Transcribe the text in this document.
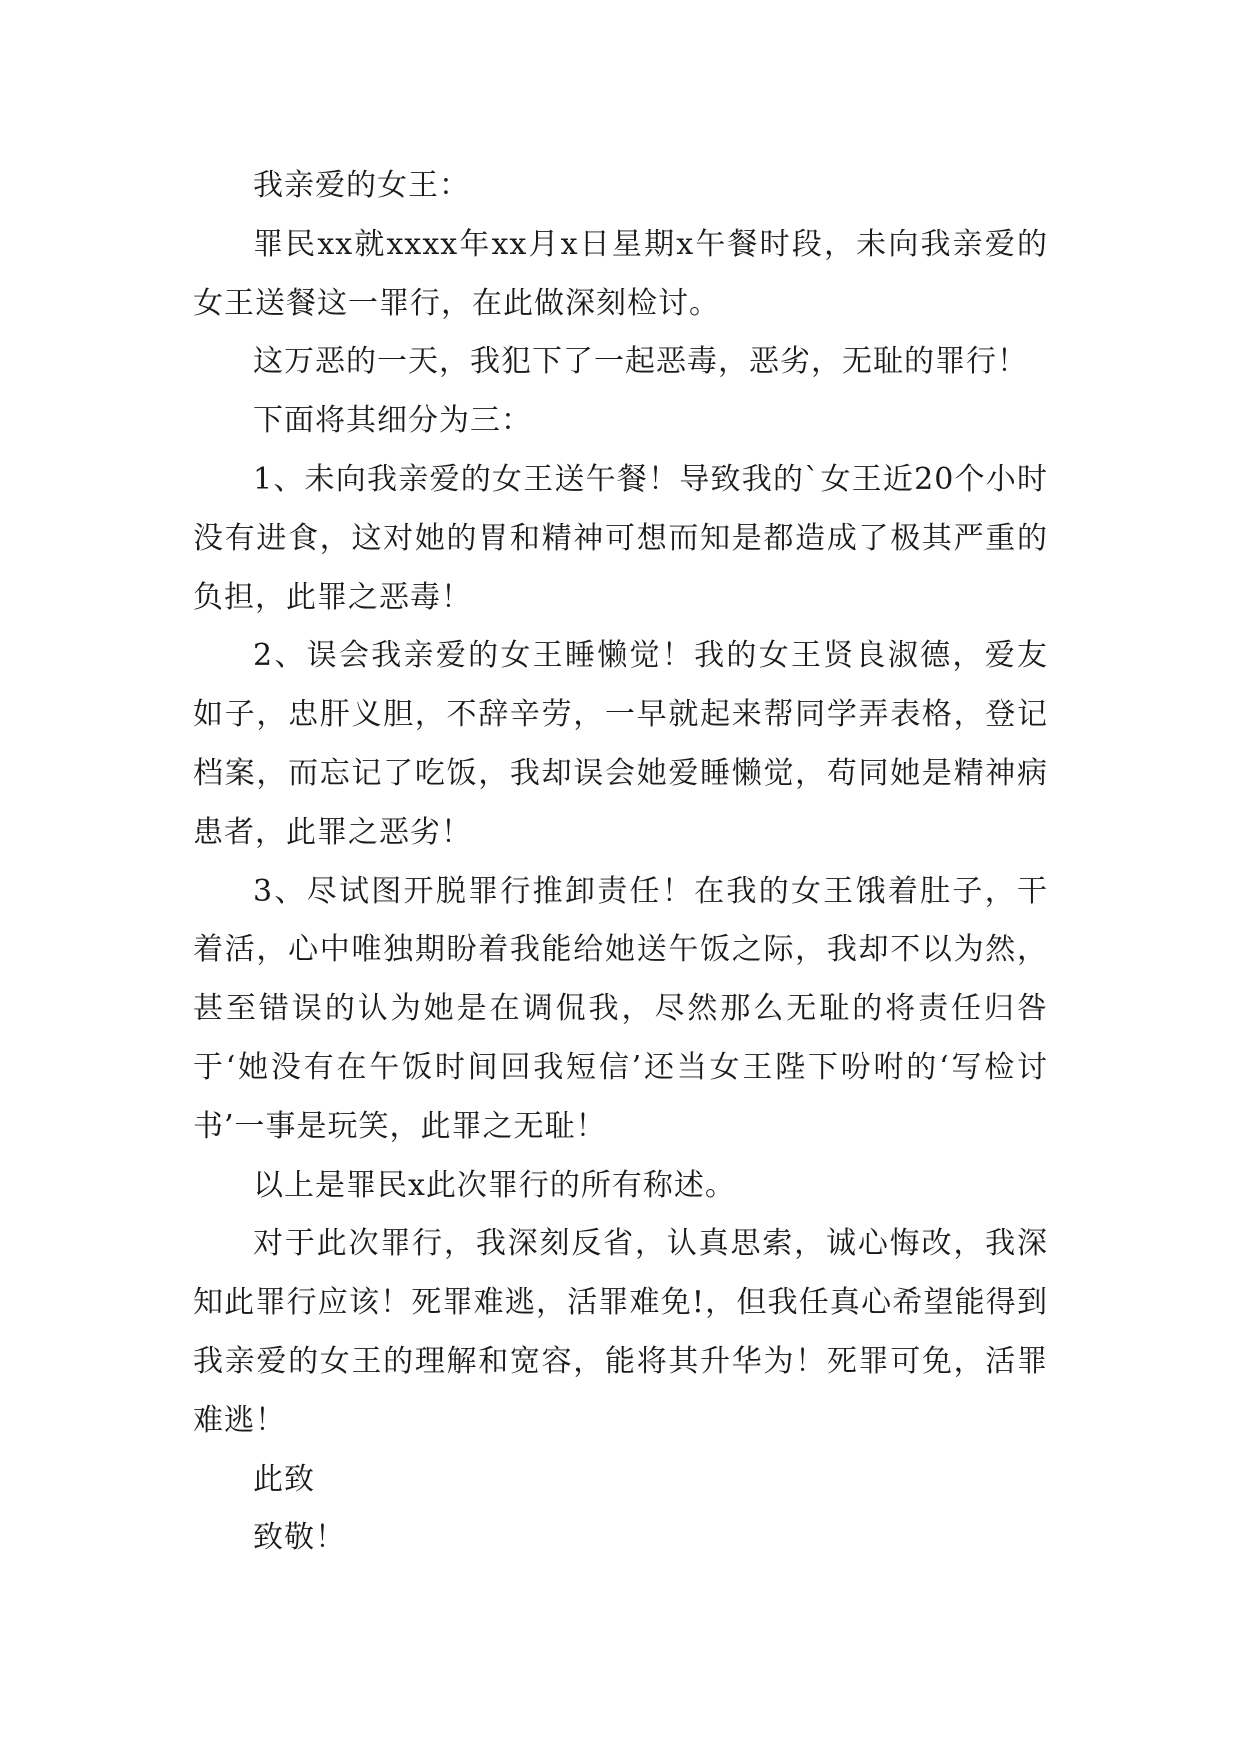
我亲爱的女王：

罪民xx就xxxx年xx月x日星期x午餐时段，未向我亲爱的女王送餐这一罪行，在此做深刻检讨。

这万恶的一天，我犯下了一起恶毒，恶劣，无耻的罪行！

下面将其细分为三：

1、未向我亲爱的女王送午餐！导致我的`女王近20个小时没有进食，这对她的胃和精神可想而知是都造成了极其严重的负担，此罪之恶毒！

2、误会我亲爱的女王睡懒觉！我的女王贤良淑德，爱友如子，忠肝义胆，不辞辛劳，一早就起来帮同学弄表格，登记档案，而忘记了吃饭，我却误会她爱睡懒觉，苟同她是精神病患者，此罪之恶劣！

3、尽试图开脱罪行推卸责任！在我的女王饿着肚子，干着活，心中唯独期盼着我能给她送午饭之际，我却不以为然，甚至错误的认为她是在调侃我，尽然那么无耻的将责任归咎于‘她没有在午饭时间回我短信’还当女王陛下吩咐的‘写检讨书’一事是玩笑，此罪之无耻！

以上是罪民x此次罪行的所有称述。

对于此次罪行，我深刻反省，认真思索，诚心悔改，我深知此罪行应该！死罪难逃，活罪难免!，但我任真心希望能得到我亲爱的女王的理解和宽容，能将其升华为！死罪可免，活罪难逃！

此致

致敬！
